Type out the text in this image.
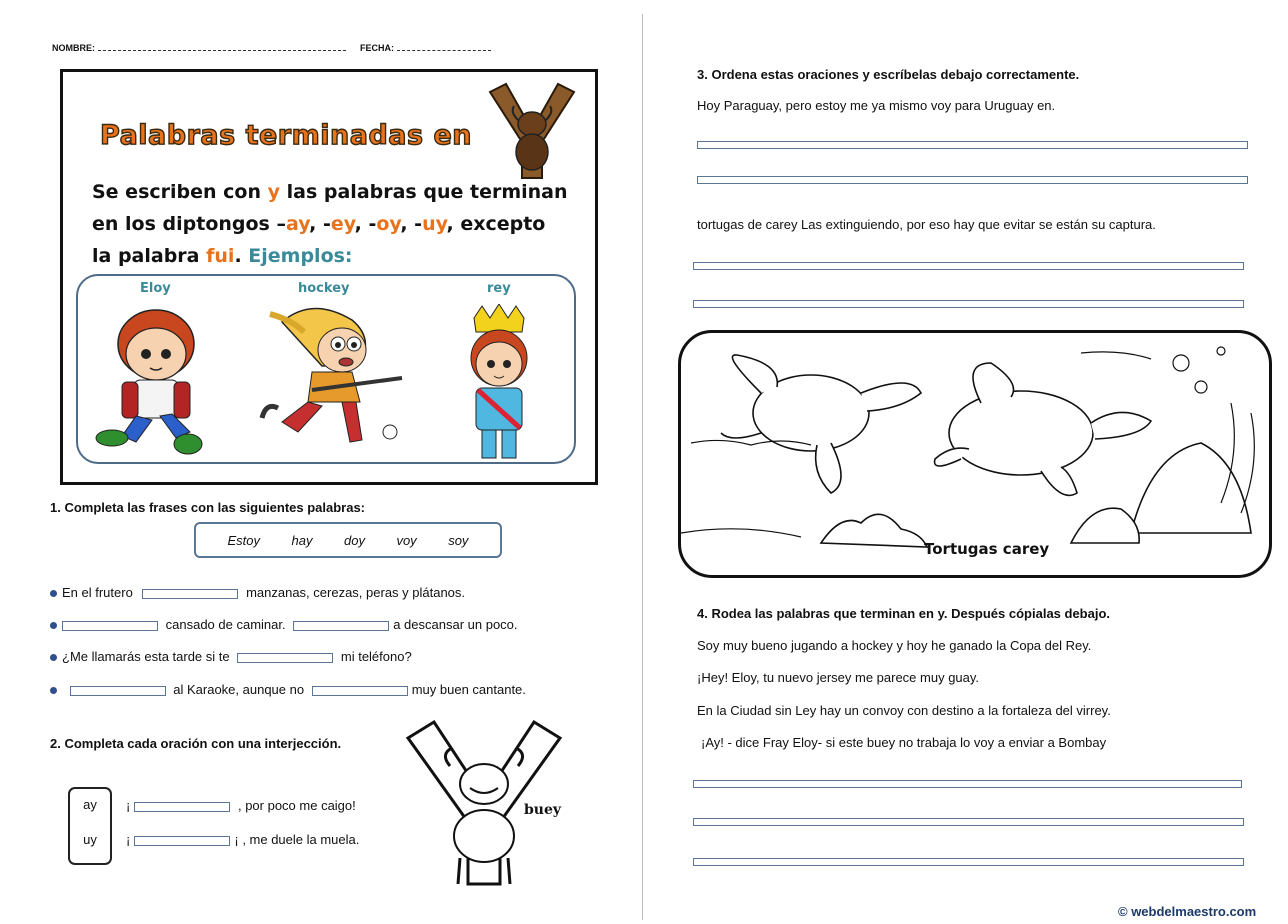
NOMBRE:	FECHA:
Palabras terminadas en
Se escriben con y las palabras que terminan
en los diptongos –ay, -ey, -oy, -uy, excepto
la palabra fui. Ejemplos:
Eloy	hockey	rey
1. Completa las frases con las siguientes palabras:
Estoy hay doy voy soy
En el frutero	manzanas, cerezas, peras y plátanos.
cansado de caminar.	a descansar un poco.
¿Me llamarás esta tarde si te	mi teléfono?
al Karaoke, aunque no	muy buen cantante.
2. Completa cada oración con una interjección.
ay
uy
¡	, por poco me caigo!
¡	¡ , me duele la muela.
buey
3. Ordena estas oraciones y escríbelas debajo correctamente.
Hoy Paraguay, pero estoy me ya mismo voy para Uruguay en.
tortugas de carey Las extinguiendo, por eso hay que evitar se están su captura.
Tortugas carey
4. Rodea las palabras que terminan en y. Después cópialas debajo.
Soy muy bueno jugando a hockey y hoy he ganado la Copa del Rey.
¡Hey! Eloy, tu nuevo jersey me parece muy guay.
En la Ciudad sin Ley hay un convoy con destino a la fortaleza del virrey.
¡Ay! - dice Fray Eloy- si este buey no trabaja lo voy a enviar a Bombay
© webdelmaestro.com
